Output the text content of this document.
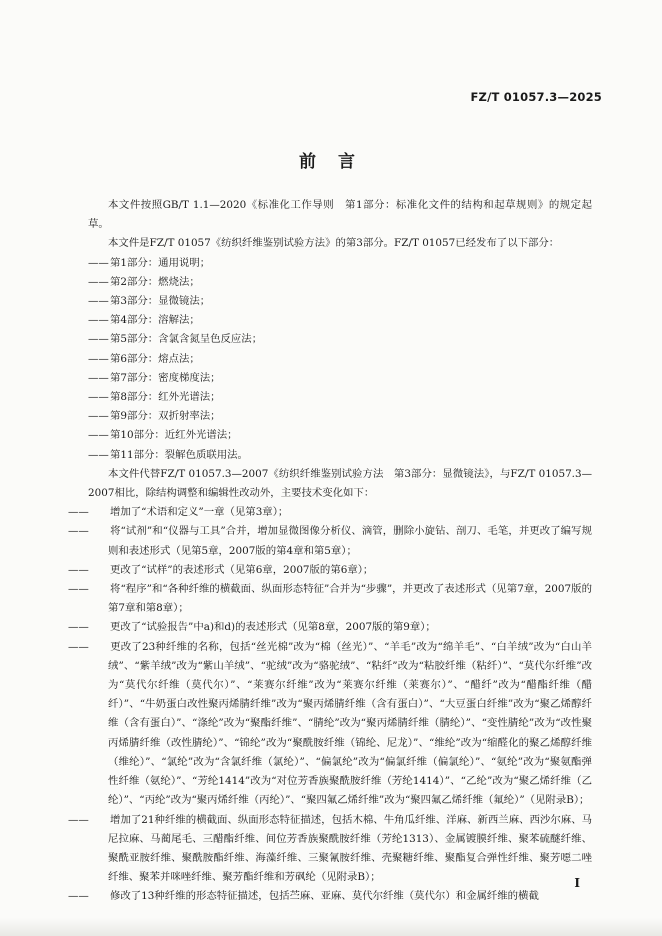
FZ/T 01057.3—2025
前 言

本文件按照GB/T 1.1—2020《标准化工作导则　第1部分：标准化文件的结构和起草规则》的规定起草。

本文件是FZ/T 01057《纺织纤维鉴别试验方法》的第3部分。FZ/T 01057已经发布了以下部分：

——第1部分：通用说明；
——第2部分：燃烧法；
——第3部分：显微镜法；
——第4部分：溶解法；
——第5部分：含氯含氮呈色反应法；
——第6部分：熔点法；
——第7部分：密度梯度法；
——第8部分：红外光谱法；
——第9部分：双折射率法；
——第10部分：近红外光谱法；
——第11部分：裂解色质联用法。

本文件代替FZ/T 01057.3—2007《纺织纤维鉴别试验方法　第3部分：显微镜法》，与FZ/T 01057.3—2007相比，除结构调整和编辑性改动外，主要技术变化如下：

—— 增加了“术语和定义”一章（见第3章）；

—— 将“试剂”和“仪器与工具”合并，增加显微图像分析仪、滴管，删除小旋钻、剖刀、毛笔，并更改了编写规则和表述形式（见第5章，2007版的第4章和第5章）；

—— 更改了“试样”的表述形式（见第6章，2007版的第6章）；

—— 将“程序”和“各种纤维的横截面、纵面形态特征”合并为“步骤”，并更改了表述形式（见第7章，2007版的第7章和第8章）；

—— 更改了“试验报告”中a)和d)的表述形式（见第8章，2007版的第9章）；

—— 更改了23种纤维的名称，包括“丝光棉”改为“棉（丝光）”、“羊毛”改为“绵羊毛”、“白羊绒”改为“白山羊绒”、“紫羊绒”改为“紫山羊绒”、“驼绒”改为“骆驼绒”、“粘纤”改为“粘胶纤维（粘纤）”、“莫代尔纤维”改为“莫代尔纤维（莫代尔）”、“莱赛尔纤维”改为“莱赛尔纤维（莱赛尔）”、“醋纤”改为“醋酯纤维（醋纤）”、“牛奶蛋白改性聚丙烯腈纤维”改为“聚丙烯腈纤维（含有蛋白）”、“大豆蛋白纤维”改为“聚乙烯醇纤维（含有蛋白）”、“涤纶”改为“聚酯纤维”、“腈纶”改为“聚丙烯腈纤维（腈纶）”、“变性腈纶”改为“改性聚丙烯腈纤维（改性腈纶）”、“锦纶”改为“聚酰胺纤维（锦纶、尼龙）”、“维纶”改为“缩醛化的聚乙烯醇纤维（维纶）”、“氯纶”改为“含氯纤维（氯纶）”、“偏氯纶”改为“偏氯纤维（偏氯纶）”、“氨纶”改为“聚氨酯弹性纤维（氨纶）”、“芳纶1414”改为“对位芳香族聚酰胺纤维（芳纶1414）”、“乙纶”改为“聚乙烯纤维（乙纶）”、“丙纶”改为“聚丙烯纤维（丙纶）”、“聚四氟乙烯纤维”改为“聚四氟乙烯纤维（氟纶）”（见附录B）；

—— 增加了21种纤维的横截面、纵面形态特征描述，包括木棉、牛角瓜纤维、洋麻、新西兰麻、西沙尔麻、马尼拉麻、马蔺尾毛、三醋酯纤维、间位芳香族聚酰胺纤维（芳纶1313）、金属镀膜纤维、聚苯硫醚纤维、聚酰亚胺纤维、聚酰胺酯纤维、海藻纤维、三聚氰胺纤维、壳聚糖纤维、聚酯复合弹性纤维、聚芳噁二唑纤维、聚苯并咪唑纤维、聚芳酯纤维和芳砜纶（见附录B）；

—— 修改了13种纤维的形态特征描述，包括苎麻、亚麻、莫代尔纤维（莫代尔）和金属纤维的横截

I
